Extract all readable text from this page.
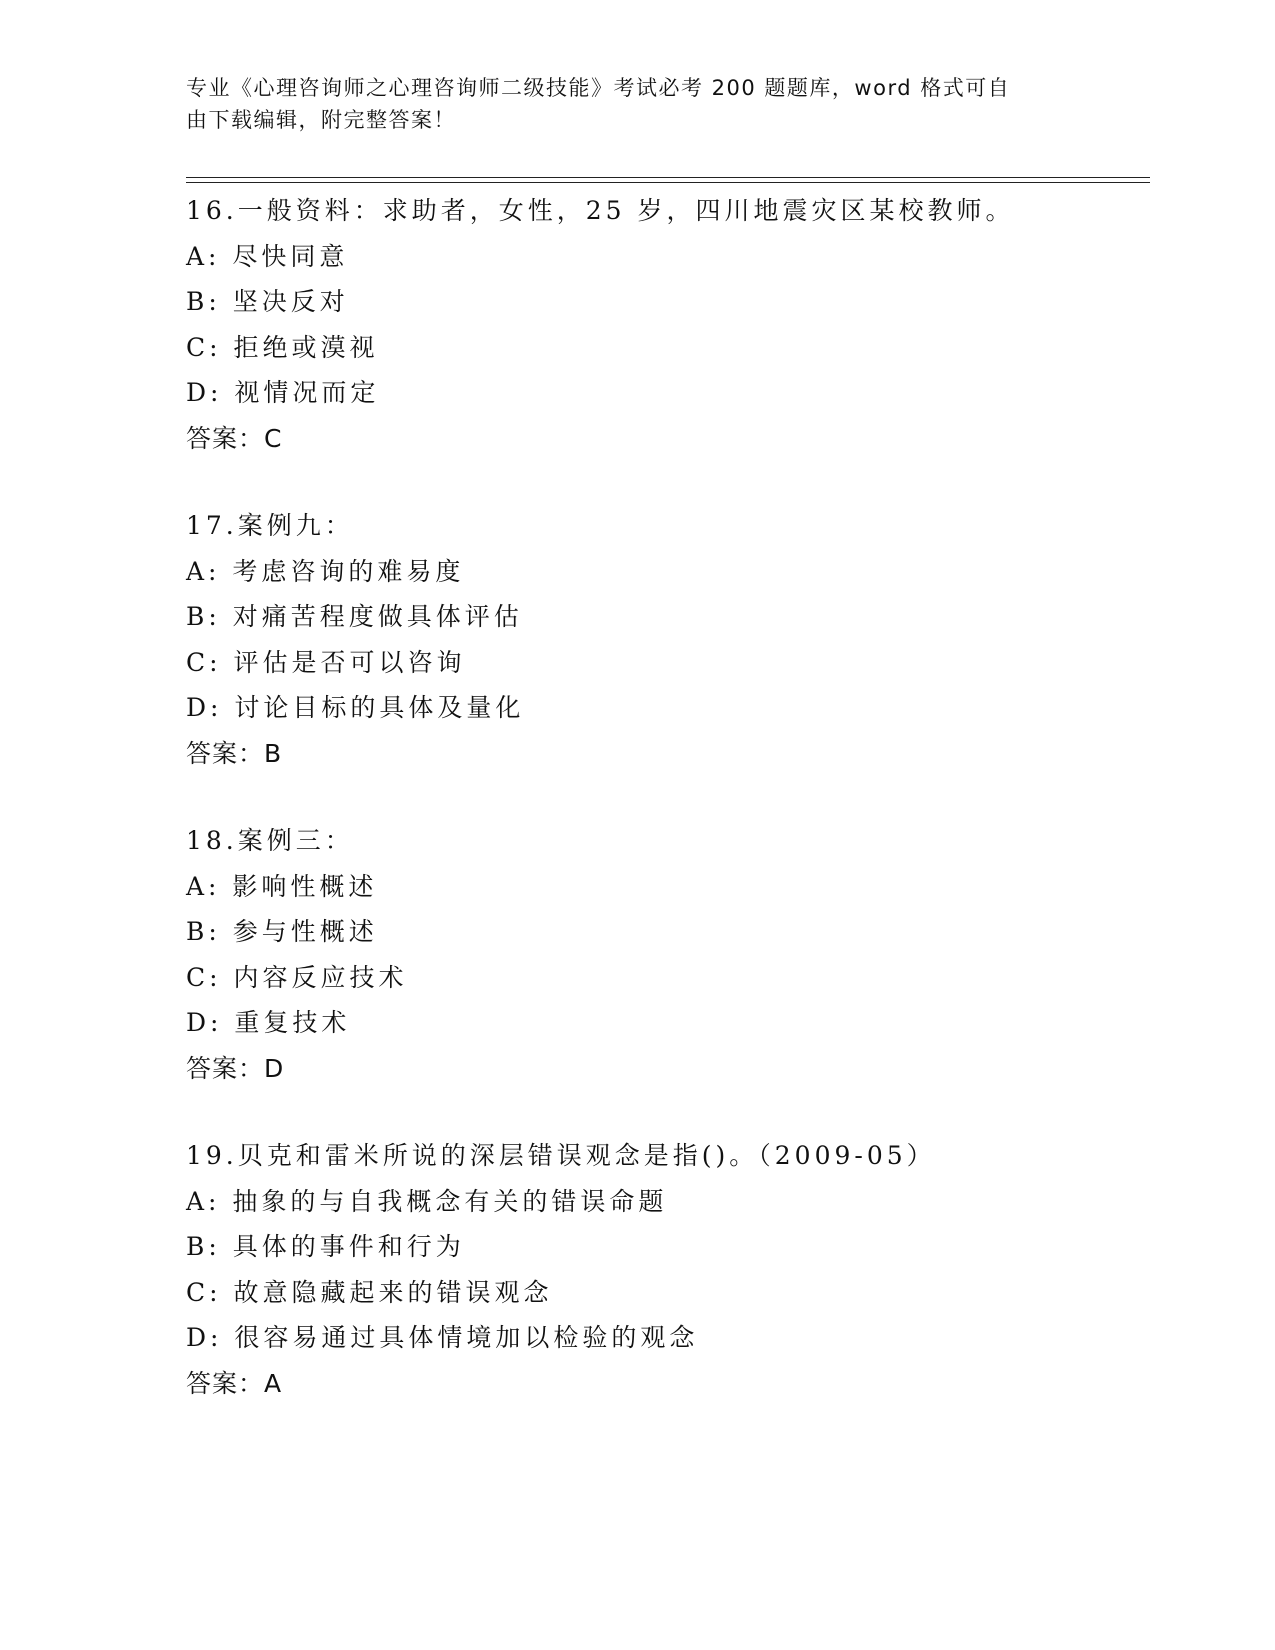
专业《心理咨询师之心理咨询师二级技能》考试必考 200 题题库，word 格式可自
由下载编辑，附完整答案！
16.一般资料：求助者，女性，25 岁，四川地震灾区某校教师。
A: 尽快同意
B: 坚决反对
C: 拒绝或漠视
D: 视情况而定
答案：C
17.案例九：
A: 考虑咨询的难易度
B: 对痛苦程度做具体评估
C: 评估是否可以咨询
D: 讨论目标的具体及量化
答案：B
18.案例三：
A: 影响性概述
B: 参与性概述
C: 内容反应技术
D: 重复技术
答案：D
19.贝克和雷米所说的深层错误观念是指()。（2009-05）
A: 抽象的与自我概念有关的错误命题
B: 具体的事件和行为
C: 故意隐藏起来的错误观念
D: 很容易通过具体情境加以检验的观念
答案：A
